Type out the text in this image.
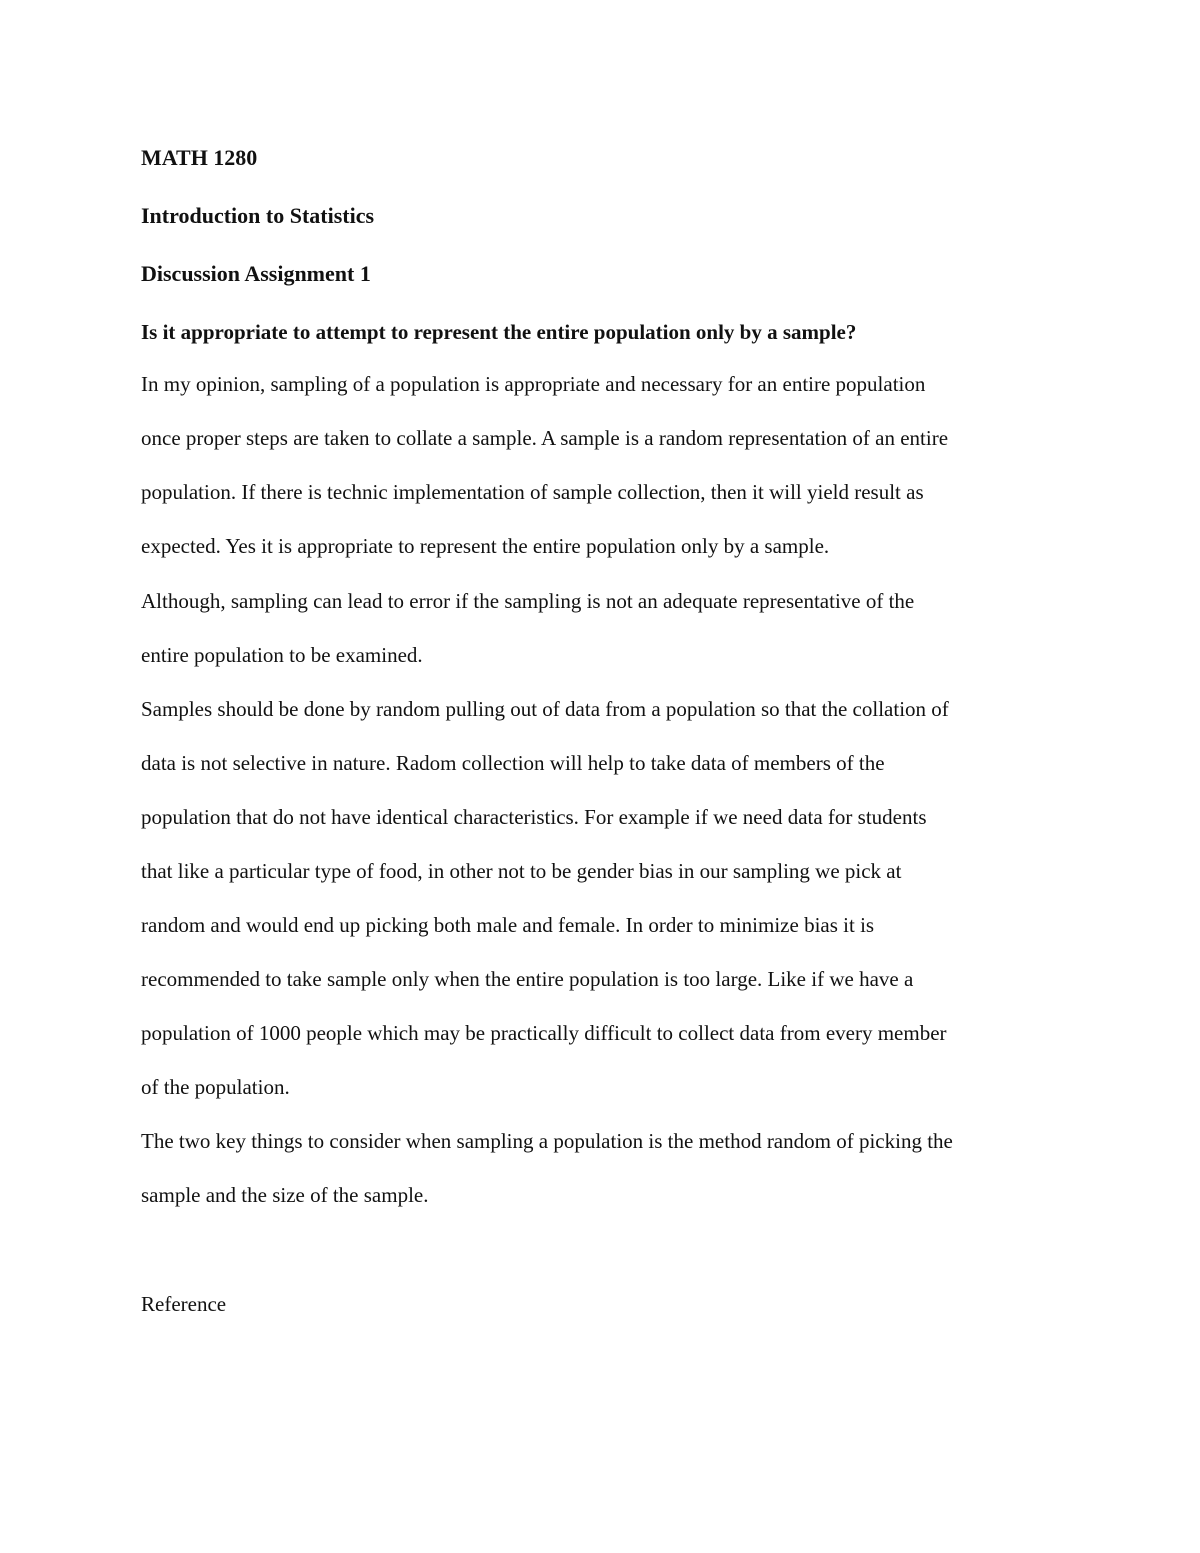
MATH 1280
Introduction to Statistics
Discussion Assignment 1
Is it appropriate to attempt to represent the entire population only by a sample?
In my opinion, sampling of a population is appropriate and necessary for an entire population
once proper steps are taken to collate a sample. A sample is a random representation of an entire
population. If there is technic implementation of sample collection, then it will yield result as
expected. Yes it is appropriate to represent the entire population only by a sample.
Although, sampling can lead to error if the sampling is not an adequate representative of the
entire population to be examined.
Samples should be done by random pulling out of data from a population so that the collation of
data is not selective in nature. Radom collection will help to take data of members of the
population that do not have identical characteristics. For example if we need data for students
that like a particular type of food, in other not to be gender bias in our sampling we pick at
random and would end up picking both male and female. In order to minimize bias it is
recommended to take sample only when the entire population is too large. Like if we have a
population of 1000 people which may be practically difficult to collect data from every member
of the population.
The two key things to consider when sampling a population is the method random of picking the
sample and the size of the sample.
Reference
